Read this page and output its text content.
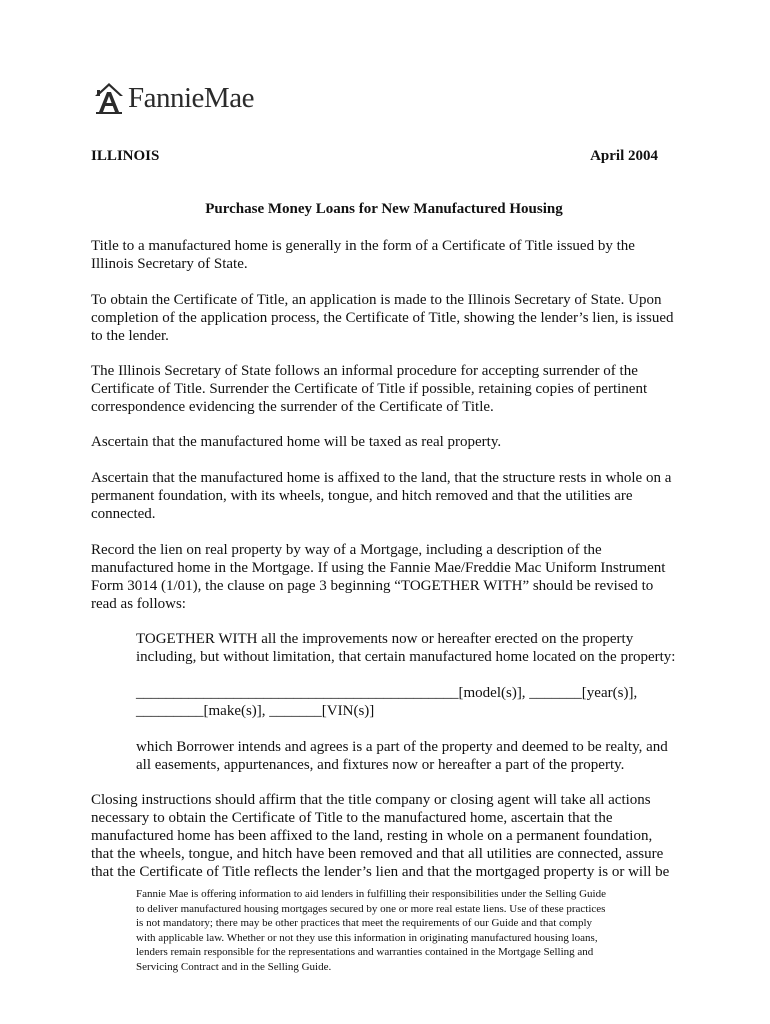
FannieMae
ILLINOIS	April 2004
Purchase Money Loans for New Manufactured Housing

Title to a manufactured home is generally in the form of a Certificate of Title issued by the
Illinois Secretary of State.

To obtain the Certificate of Title, an application is made to the Illinois Secretary of State. Upon
completion of the application process, the Certificate of Title, showing the lender’s lien, is issued
to the lender.

The Illinois Secretary of State follows an informal procedure for accepting surrender of the
Certificate of Title. Surrender the Certificate of Title if possible, retaining copies of pertinent
correspondence evidencing the surrender of the Certificate of Title.

Ascertain that the manufactured home will be taxed as real property.

Ascertain that the manufactured home is affixed to the land, that the structure rests in whole on a
permanent foundation, with its wheels, tongue, and hitch removed and that the utilities are
connected.

Record the lien on real property by way of a Mortgage, including a description of the
manufactured home in the Mortgage. If using the Fannie Mae/Freddie Mac Uniform Instrument
Form 3014 (1/01), the clause on page 3 beginning “TOGETHER WITH” should be revised to
read as follows:

Closing instructions should affirm that the title company or closing agent will take all actions
necessary to obtain the Certificate of Title to the manufactured home, ascertain that the
manufactured home has been affixed to the land, resting in whole on a permanent foundation,
that the wheels, tongue, and hitch have been removed and that all utilities are connected, assure
that the Certificate of Title reflects the lender’s lien and that the mortgaged property is or will be

TOGETHER WITH all the improvements now or hereafter erected on the property
including, but without limitation, that certain manufactured home located on the property:
___________________________________________[model(s)], _______[year(s)],
_________[make(s)], _______[VIN(s)]
which Borrower intends and agrees is a part of the property and deemed to be realty, and
all easements, appurtenances, and fixtures now or hereafter a part of the property.
Fannie Mae is offering information to aid lenders in fulfilling their responsibilities under the Selling Guide
to deliver manufactured housing mortgages secured by one or more real estate liens. Use of these practices
is not mandatory; there may be other practices that meet the requirements of our Guide and that comply
with applicable law. Whether or not they use this information in originating manufactured housing loans,
lenders remain responsible for the representations and warranties contained in the Mortgage Selling and
Servicing Contract and in the Selling Guide.
